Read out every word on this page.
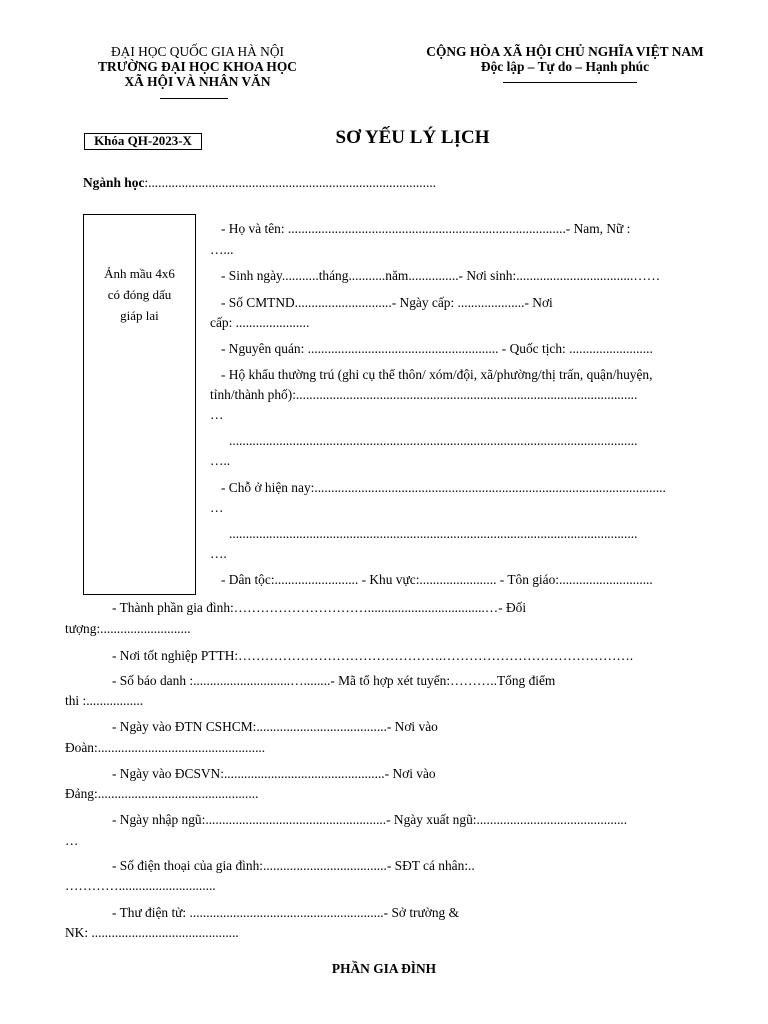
ĐẠI HỌC QUỐC GIA HÀ NỘI
TRƯỜNG ĐẠI HỌC KHOA HỌC
XÃ HỘI VÀ NHÂN VĂN
CỘNG HÒA XÃ HỘI CHỦ NGHĨA VIỆT NAM
Độc lập – Tự do – Hạnh phúc
Khóa QH-2023-X	SƠ YẾU LÝ LỊCH
Ngành học:......................................................................................
Ảnh mầu 4x6
có đóng dấu
giáp lai
- Họ và tên: ...................................................................................- Nam, Nữ :
…...
- Sinh ngày...........tháng...........năm...............- Nơi sinh:...................................……
- Số CMTND.............................- Ngày cấp: ....................- Nơi
cấp: ......................
- Nguyên quán: ......................................................... - Quốc tịch: .........................
- Hộ khẩu thường trú (ghi cụ thể thôn/ xóm/đội, xã/phường/thị trấn, quận/huyện,
tỉnh/thành phố):......................................................................................................
…
..........................................................................................................................
…..
- Chỗ ở hiện nay:.........................................................................................................
…
..........................................................................................................................
….
- Dân tộc:......................... - Khu vực:....................... - Tôn giáo:............................
- Thành phần gia đình:…………………………...................................…- Đối
tượng:...........................
- Nơi tốt nghiệp PTTH:……………………………………….…………………………………….
- Số báo danh :.............................…........- Mã tổ hợp xét tuyển:………..Tổng điểm
thi :.................
- Ngày vào ĐTN CSHCM:.......................................- Nơi vào
Đoàn:..................................................
- Ngày vào ĐCSVN:................................................- Nơi vào
Đảng:................................................
- Ngày nhập ngũ:......................................................- Ngày xuất ngũ:.............................................
…
- Số điện thoại của gia đình:.....................................- SĐT cá nhân:..
………….............................
- Thư điện tử: ..........................................................- Sở trường &
NK: ............................................
PHẦN GIA ĐÌNH
